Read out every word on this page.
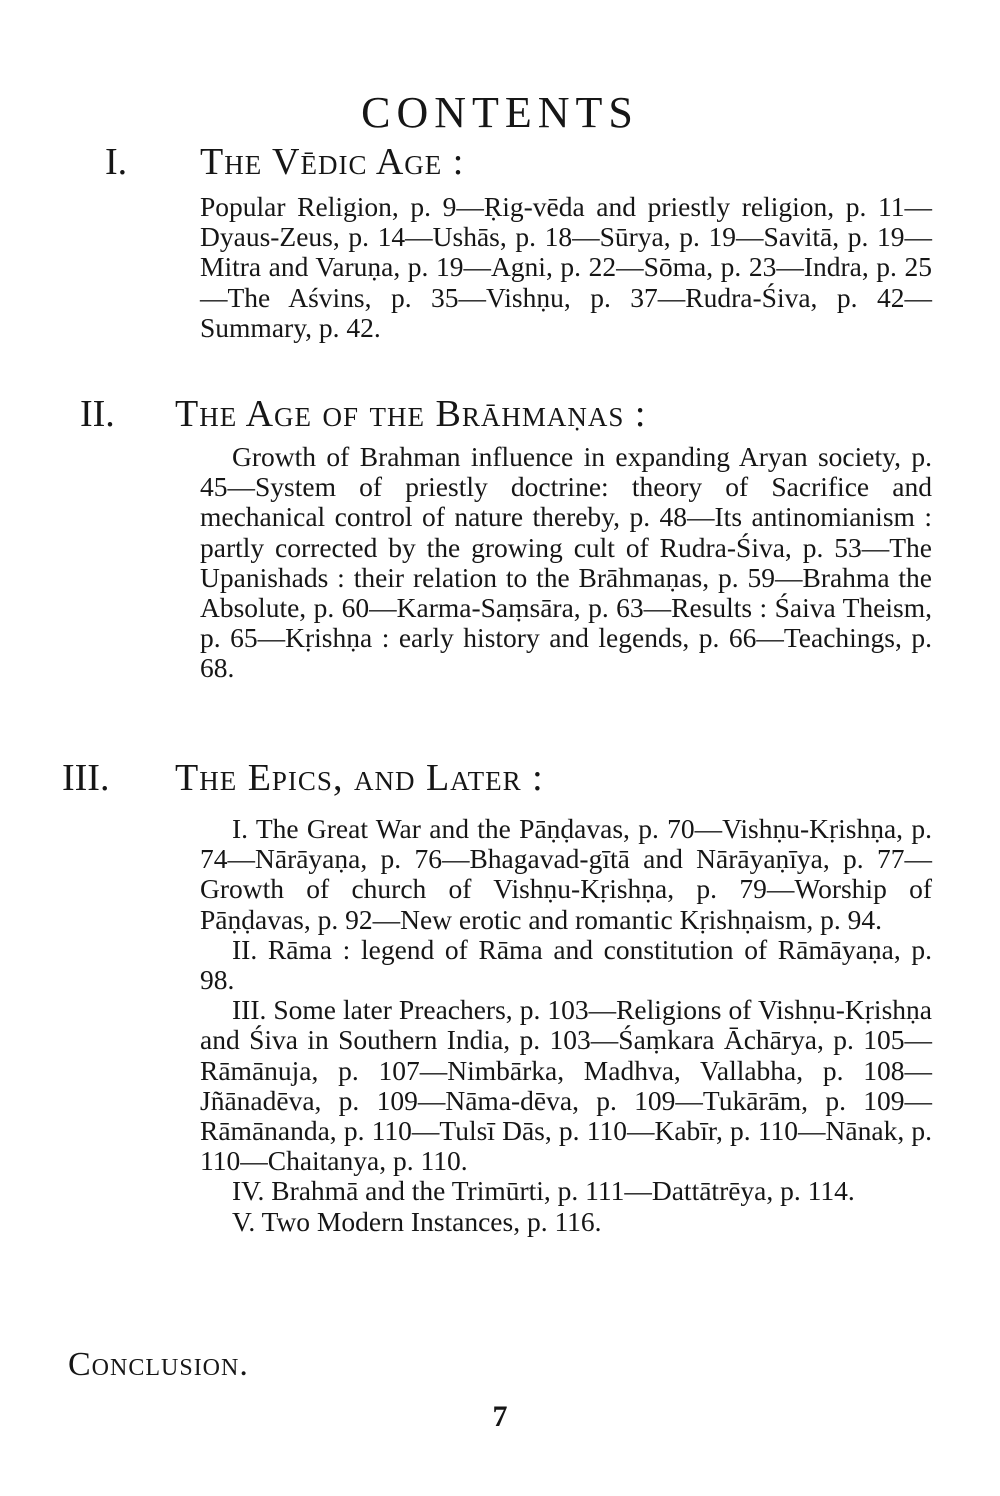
CONTENTS
I. The Vēdic Age :

Popular Religion, p. 9—Ṛig-vēda and priestly religion, p. 11—Dyaus-Zeus, p. 14—Ushās, p. 18—Sūrya, p. 19—Savitā, p. 19—Mitra and Varuṇa, p. 19—Agni, p. 22—Sōma, p. 23—Indra, p. 25—The Aśvins, p. 35—Vishṇu, p. 37—Rudra-Śiva, p. 42—Summary, p. 42.

II. The Age of the Brāhmaṇas :

Growth of Brahman influence in expanding Aryan society, p. 45—System of priestly doctrine: theory of Sacrifice and mechanical control of nature thereby, p. 48—Its antinomianism : partly corrected by the growing cult of Rudra-Śiva, p. 53—The Upanishads : their relation to the Brāhmaṇas, p. 59—Brahma the Absolute, p. 60—Karma-Saṃsāra, p. 63—Results : Śaiva Theism, p. 65—Kṛishṇa : early history and legends, p. 66—Teachings, p. 68.

III. The Epics, and Later :

I. The Great War and the Pāṇḍavas, p. 70—Vishṇu-Kṛishṇa, p. 74—Nārāyaṇa, p. 76—Bhagavad-gītā and Nārāyaṇīya, p. 77—Growth of church of Vishṇu-Kṛishṇa, p. 79—Worship of Pāṇḍavas, p. 92—New erotic and romantic Kṛishṇaism, p. 94.

II. Rāma : legend of Rāma and constitution of Rāmāyaṇa, p. 98.

III. Some later Preachers, p. 103—Religions of Vishṇu-Kṛishṇa and Śiva in Southern India, p. 103—Śaṃkara Āchārya, p. 105—Rāmānuja, p. 107—Nimbārka, Madhva, Vallabha, p. 108—Jñānadēva, p. 109—Nāma-dēva, p. 109—Tukārām, p. 109—Rāmānanda, p. 110—Tulsī Dās, p. 110—Kabīr, p. 110—Nānak, p. 110—Chaitanya, p. 110.

IV. Brahmā and the Trimūrti, p. 111—Dattātrēya, p. 114.

V. Two Modern Instances, p. 116.

Conclusion.
7
